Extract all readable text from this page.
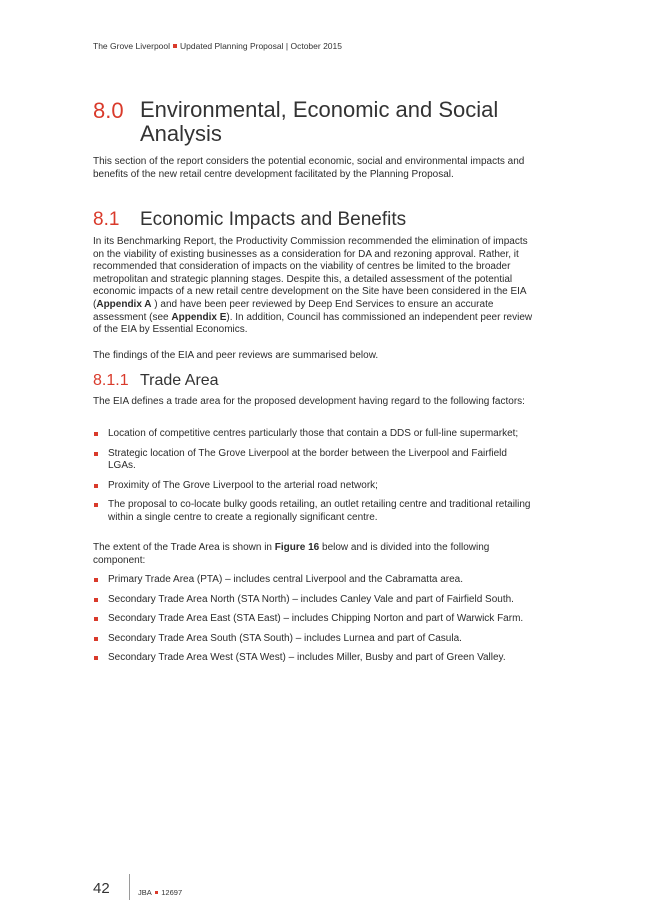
The Grove Liverpool Updated Planning Proposal | October 2015
8.0 Environmental, Economic and Social Analysis
This section of the report considers the potential economic, social and environmental impacts and benefits of the new retail centre development facilitated by the Planning Proposal.
8.1 Economic Impacts and Benefits
In its Benchmarking Report, the Productivity Commission recommended the elimination of impacts on the viability of existing businesses as a consideration for DA and rezoning approval. Rather, it recommended that consideration of impacts on the viability of centres be limited to the broader metropolitan and strategic planning stages. Despite this, a detailed assessment of the potential economic impacts of a new retail centre development on the Site have been considered in the EIA (Appendix A ) and have been peer reviewed by Deep End Services to ensure an accurate assessment (see Appendix E). In addition, Council has commissioned an independent peer review of the EIA by Essential Economics.
The findings of the EIA and peer reviews are summarised below.
8.1.1 Trade Area
The EIA defines a trade area for the proposed development having regard to the following factors:
Location of competitive centres particularly those that contain a DDS or full-line supermarket;
Strategic location of The Grove Liverpool at the border between the Liverpool and Fairfield LGAs.
Proximity of The Grove Liverpool to the arterial road network;
The proposal to co-locate bulky goods retailing, an outlet retailing centre and traditional retailing within a single centre to create a regionally significant centre.
The extent of the Trade Area is shown in Figure 16 below and is divided into the following component:
Primary Trade Area (PTA) – includes central Liverpool and the Cabramatta area.
Secondary Trade Area North (STA North) – includes Canley Vale and part of Fairfield South.
Secondary Trade Area East (STA East) – includes Chipping Norton and part of Warwick Farm.
Secondary Trade Area South (STA South) – includes Lurnea and part of Casula.
Secondary Trade Area West (STA West) – includes Miller, Busby and part of Green Valley.
42	JBA 12697
